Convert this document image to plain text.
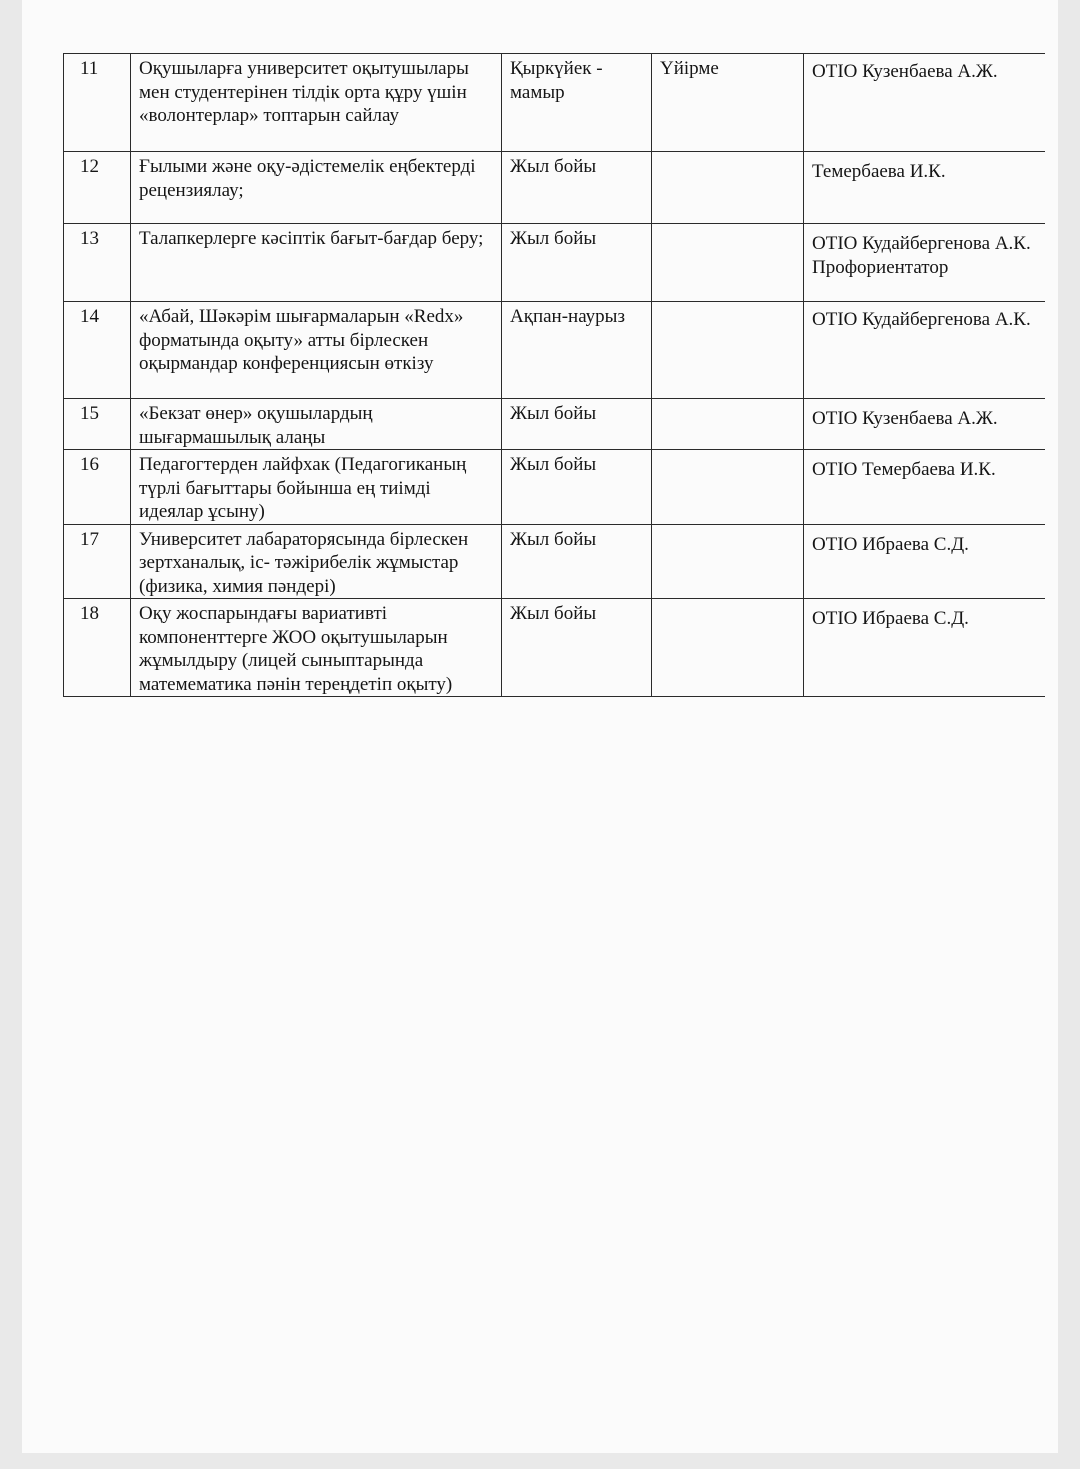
11	Оқушыларға университет оқытушылары мен студентерінен тілдік орта құру үшін «волонтерлар» топтарын сайлау	Қыркүйек - мамыр	Үйірме	ОТІО Кузенбаева А.Ж.
12	Ғылыми және оқу-әдістемелік еңбектерді рецензиялау;	Жыл бойы		Темербаева И.К.
13	Талапкерлерге кәсіптік бағыт-бағдар беру;	Жыл бойы		ОТІО Кудайбергенова А.К. Профориентатор
14	«Абай, Шәкәрім шығармаларын «Redx» форматында оқыту» атты бірлескен оқырмандар конференциясын өткізу	Ақпан-наурыз		ОТІО Кудайбергенова А.К.
15	«Бекзат өнер» оқушылардың шығармашылық алаңы	Жыл бойы		ОТІО Кузенбаева А.Ж.
16	Педагогтерден лайфхак (Педагогиканың түрлі бағыттары бойынша ең тиімді идеялар ұсыну)	Жыл бойы		ОТІО Темербаева И.К.
17	Университет лабараторясында бірлескен зертханалық, іс- тәжірибелік жұмыстар (физика, химия пәндері)	Жыл бойы		ОТІО Ибраева С.Д.
18	Оқу жоспарындағы вариативті компоненттерге ЖОО оқытушыларын жұмылдыру (лицей сыныптарында матемематика пәнін тереңдетіп оқыту)	Жыл бойы		ОТІО Ибраева С.Д.
